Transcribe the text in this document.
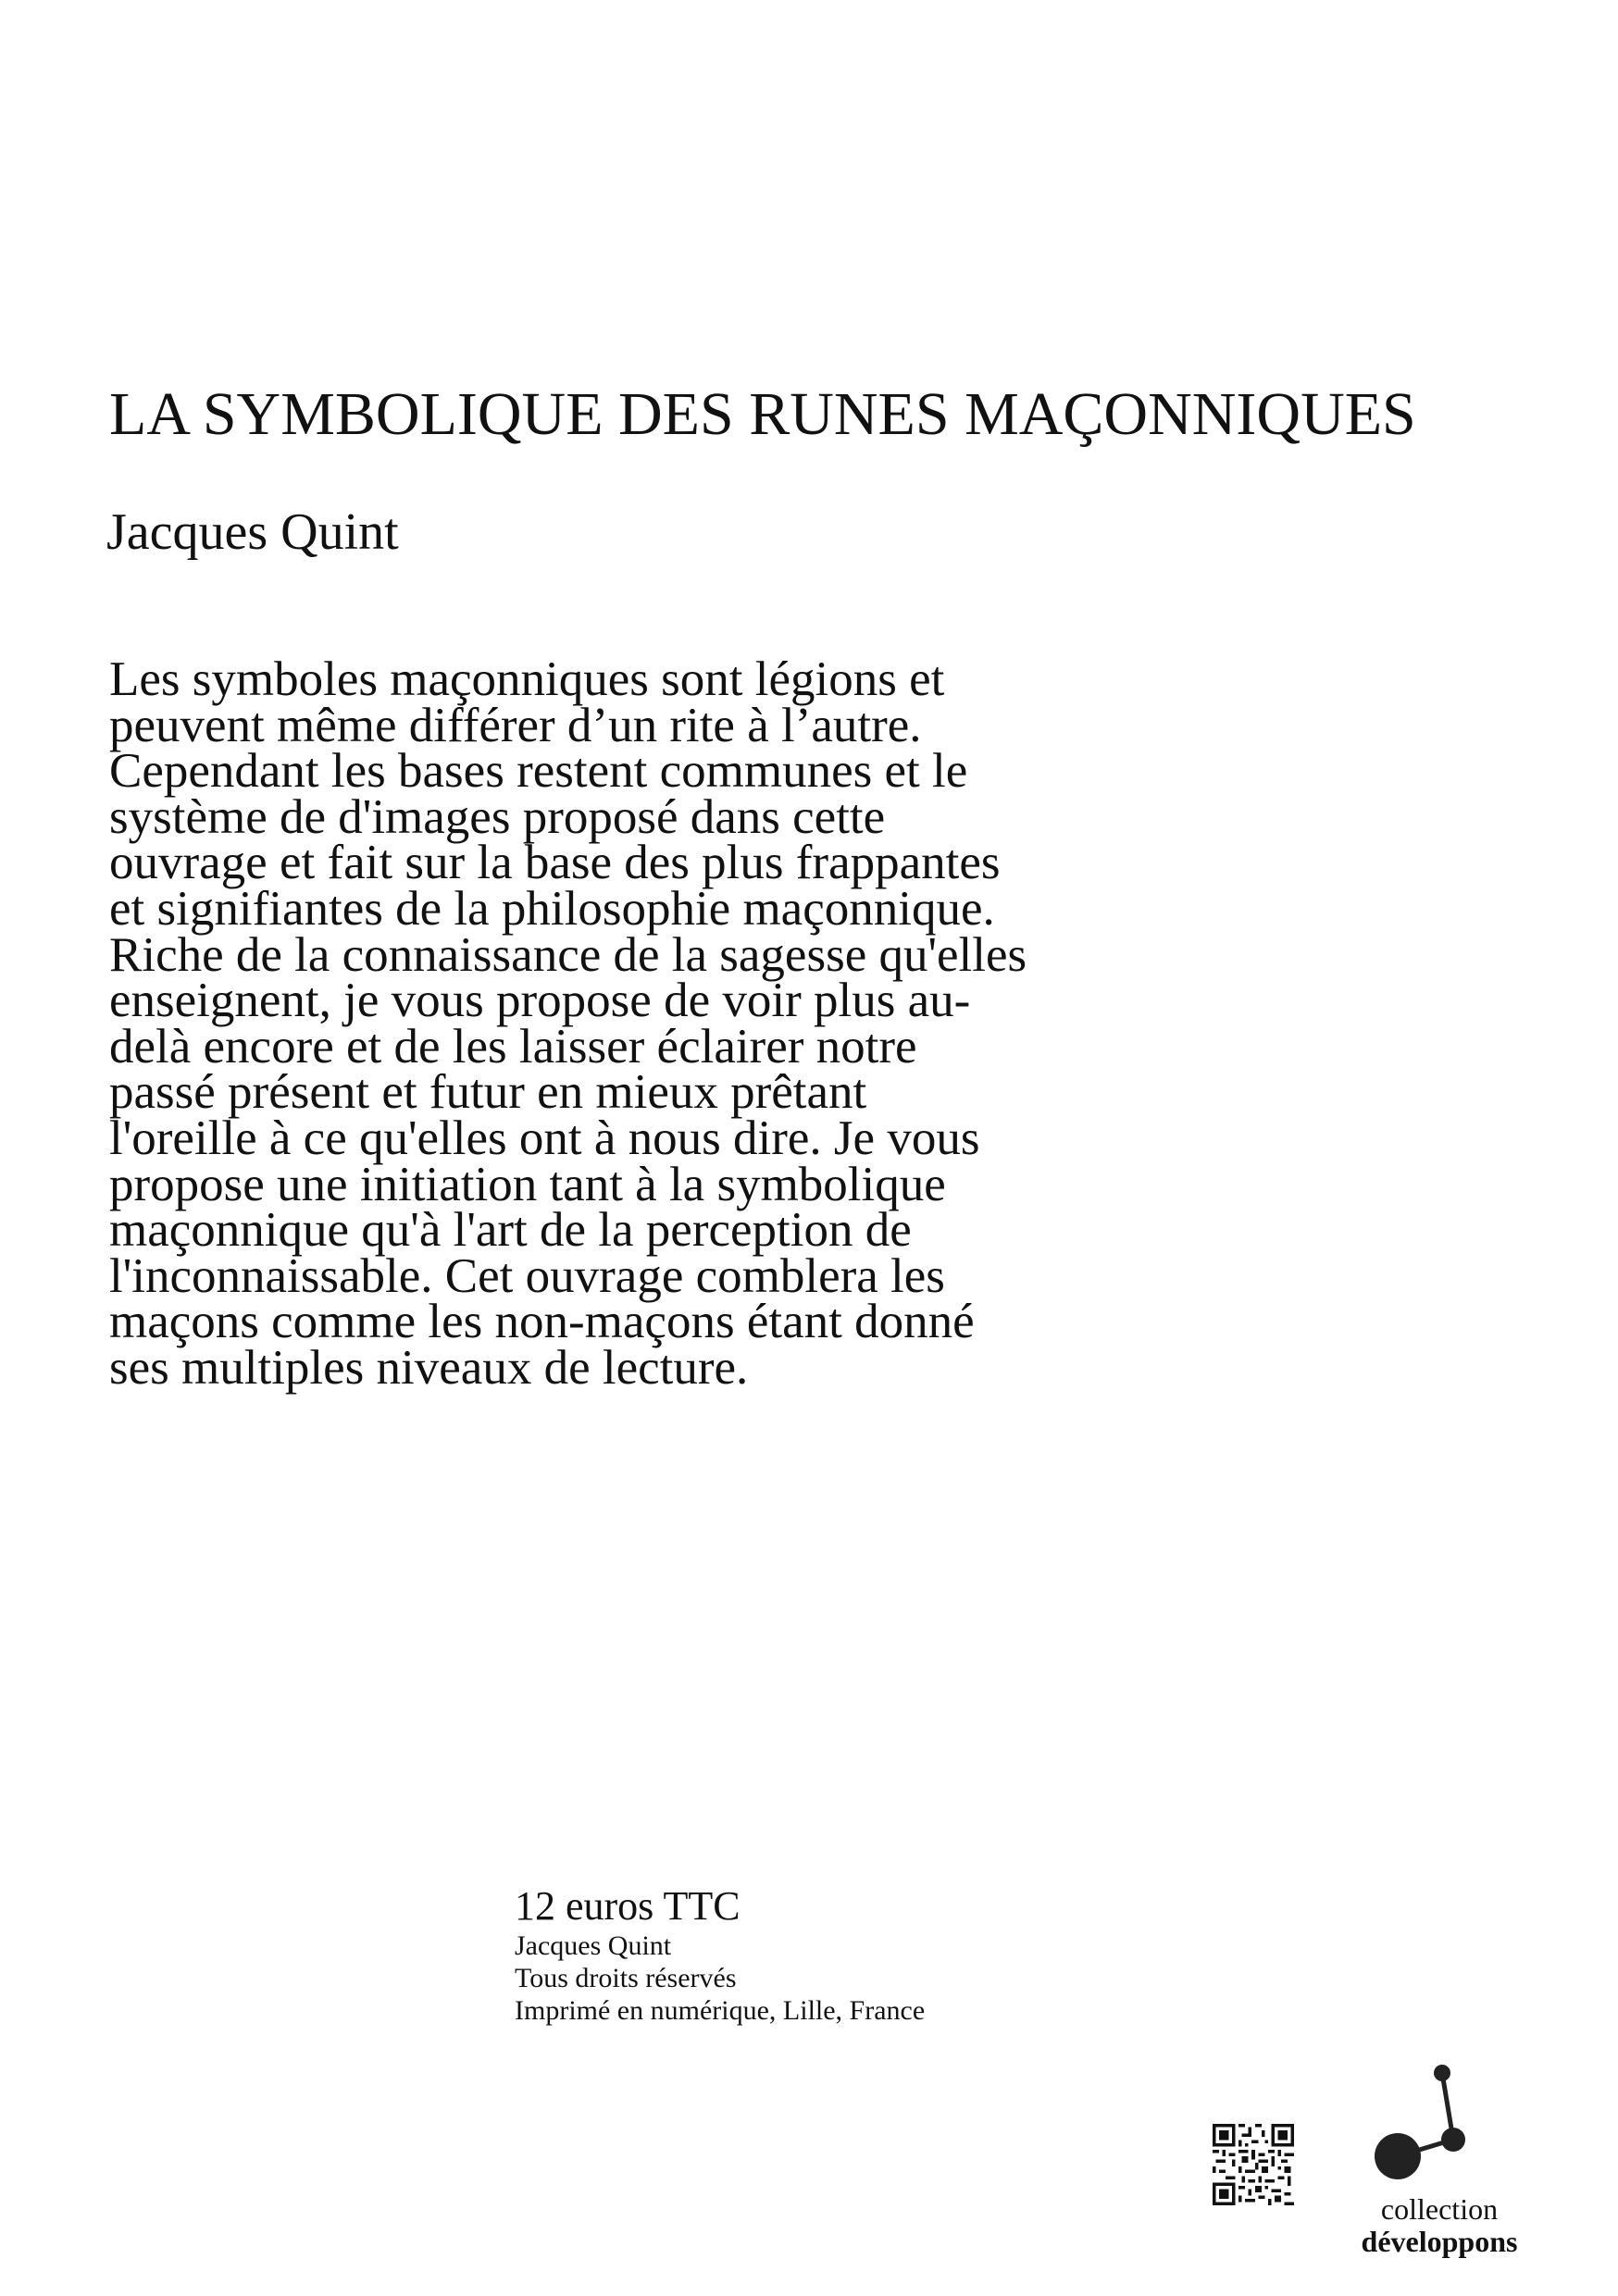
LA SYMBOLIQUE DES RUNES MAÇONNIQUES
Jacques Quint

Les symboles maçonniques sont légions et
peuvent même différer d’un rite à l’autre.
Cependant les bases restent communes et le
système de d'images proposé dans cette
ouvrage et fait sur la base des plus frappantes
et signifiantes de la philosophie maçonnique.
Riche de la connaissance de la sagesse qu'elles
enseignent, je vous propose de voir plus au-
delà encore et de les laisser éclairer notre
passé présent et futur en mieux prêtant
l'oreille à ce qu'elles ont à nous dire. Je vous
propose une initiation tant à la symbolique
maçonnique qu'à l'art de la perception de
l'inconnaissable. Cet ouvrage comblera les
maçons comme les non-maçons étant donné
ses multiples niveaux de lecture.

12 euros TTC
Jacques Quint
Tous droits réservés
Imprimé en numérique, Lille, France
collection
développons
